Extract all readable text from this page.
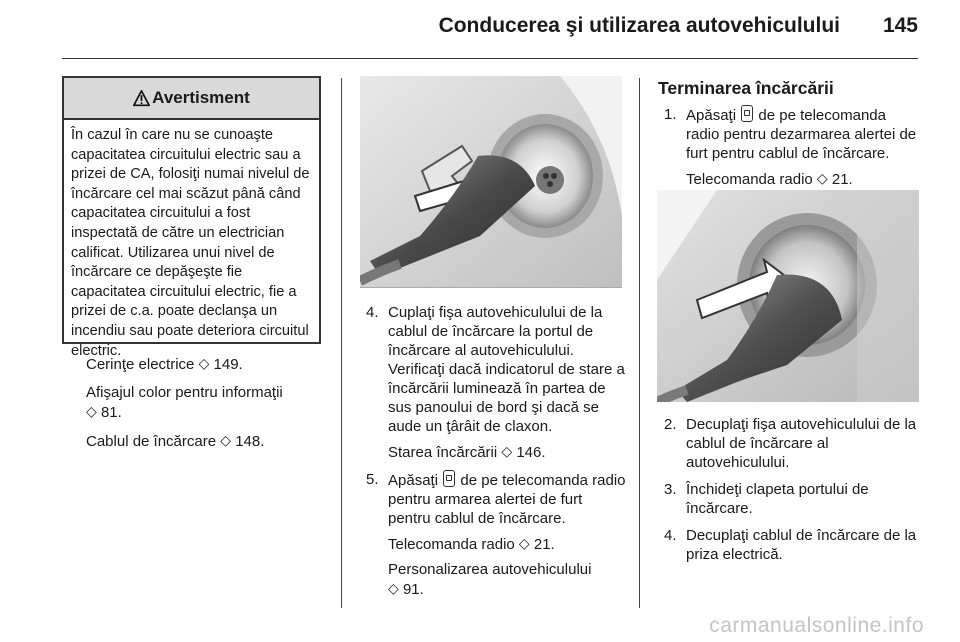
Conducerea şi utilizarea autovehiculului 145
Avertisment
În cazul în care nu se cunoaşte capacitatea circuitului electric sau a prizei de CA, folosiţi numai nivelul de încărcare cel mai scăzut până când capacitatea circuitului a fost inspectată de către un electrician calificat. Utilizarea unui nivel de încărcare ce depăşeşte fie capacitatea circuitului electric, fie a prizei de c.a. poate declanşa un incendiu sau poate deteriora circuitul electric.
Cerinţe electrice ◇ 149.
Afişajul color pentru informaţii
◇ 81.
Cablul de încărcare ◇ 148.
4. Cuplaţi fişa autovehiculului de la cablul de încărcare la portul de încărcare al autovehiculului. Verificaţi dacă indicatorul de stare a încărcării luminează în partea de sus panoului de bord şi dacă se aude un ţârâit de claxon.
Starea încărcării ◇ 146.
5. Apăsaţi de pe telecomanda radio pentru armarea alertei de furt pentru cablul de încărcare.
Telecomanda radio ◇ 21.
Personalizarea autovehiculului
◇ 91.
Terminarea încărcării
1. Apăsaţi de pe telecomanda radio pentru dezarmarea alertei de furt pentru cablul de încărcare.
Telecomanda radio ◇ 21.
2. Decuplaţi fişa autovehiculului de la cablul de încărcare al autovehiculului.
3. Închideţi clapeta portului de încărcare.
4. Decuplaţi cablul de încărcare de la priza electrică.
carmanualsonline.info
